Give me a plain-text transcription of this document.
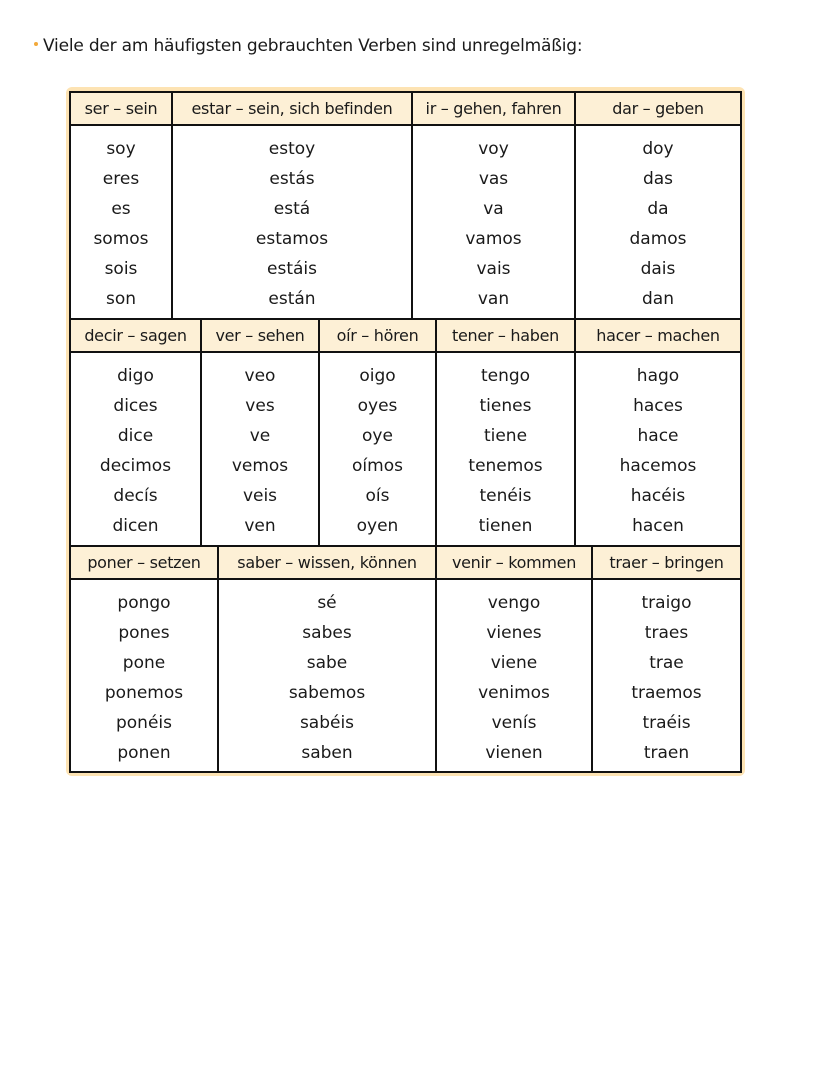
Viele der am häufigsten gebrauchten Verben sind unregelmäßig:
ser – sein
soy
eres
es
somos
sois
son
estar – sein, sich befinden
estoy
estás
está
estamos
estáis
están
ir – gehen, fahren
voy
vas
va
vamos
vais
van
dar – geben
doy
das
da
damos
dais
dan
decir – sagen
digo
dices
dice
decimos
decís
dicen
ver – sehen
veo
ves
ve
vemos
veis
ven
oír – hören
oigo
oyes
oye
oímos
oís
oyen
tener – haben
tengo
tienes
tiene
tenemos
tenéis
tienen
hacer – machen
hago
haces
hace
hacemos
hacéis
hacen
poner – setzen
pongo
pones
pone
ponemos
ponéis
ponen
saber – wissen, können
sé
sabes
sabe
sabemos
sabéis
saben
venir – kommen
vengo
vienes
viene
venimos
venís
vienen
traer – bringen
traigo
traes
trae
traemos
traéis
traen
